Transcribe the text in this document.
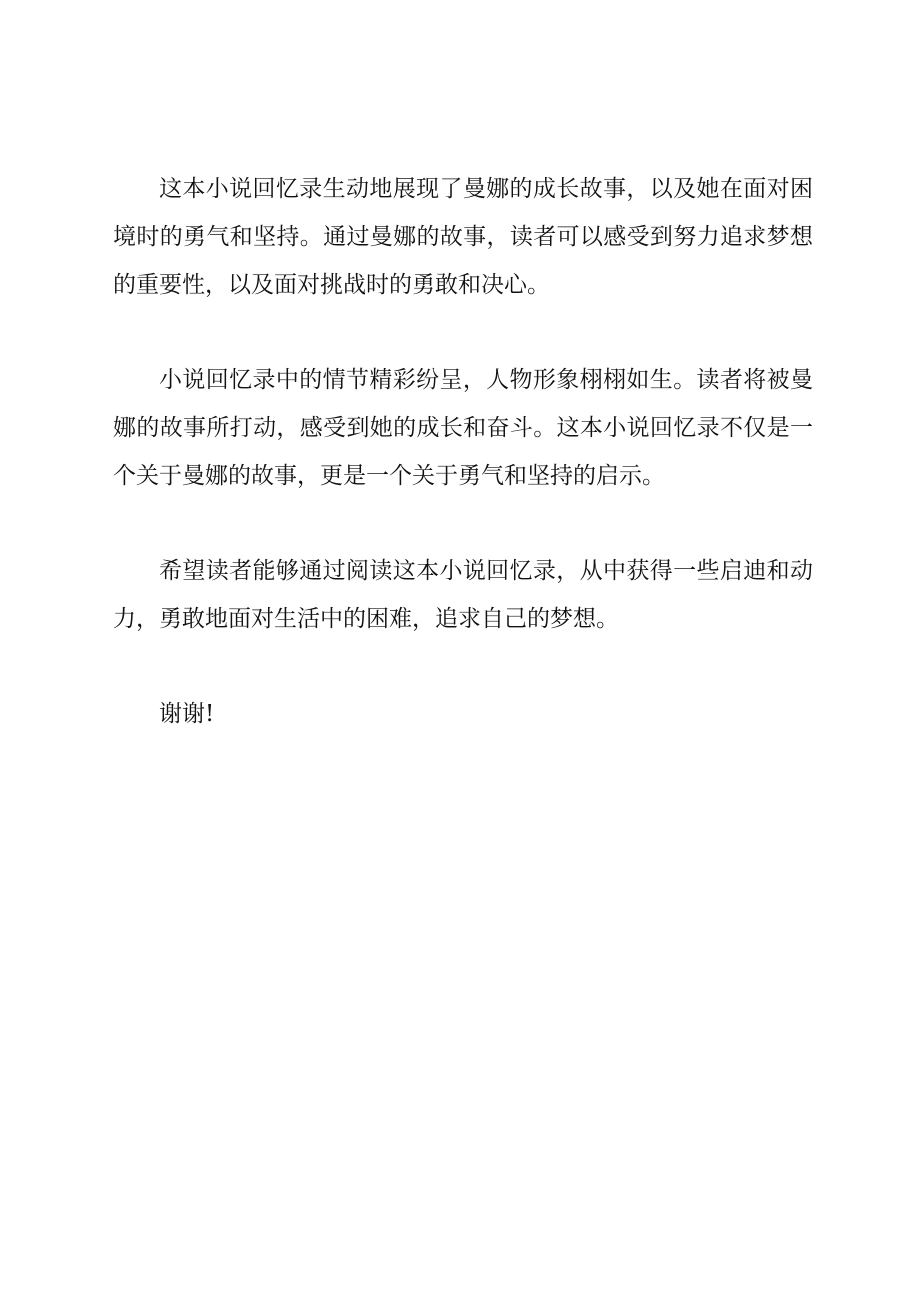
这本小说回忆录生动地展现了曼娜的成长故事，以及她在面对困境时的勇气和坚持。通过曼娜的故事，读者可以感受到努力追求梦想的重要性，以及面对挑战时的勇敢和决心。

小说回忆录中的情节精彩纷呈，人物形象栩栩如生。读者将被曼娜的故事所打动，感受到她的成长和奋斗。这本小说回忆录不仅是一个关于曼娜的故事，更是一个关于勇气和坚持的启示。

希望读者能够通过阅读这本小说回忆录，从中获得一些启迪和动力，勇敢地面对生活中的困难，追求自己的梦想。

谢谢!
